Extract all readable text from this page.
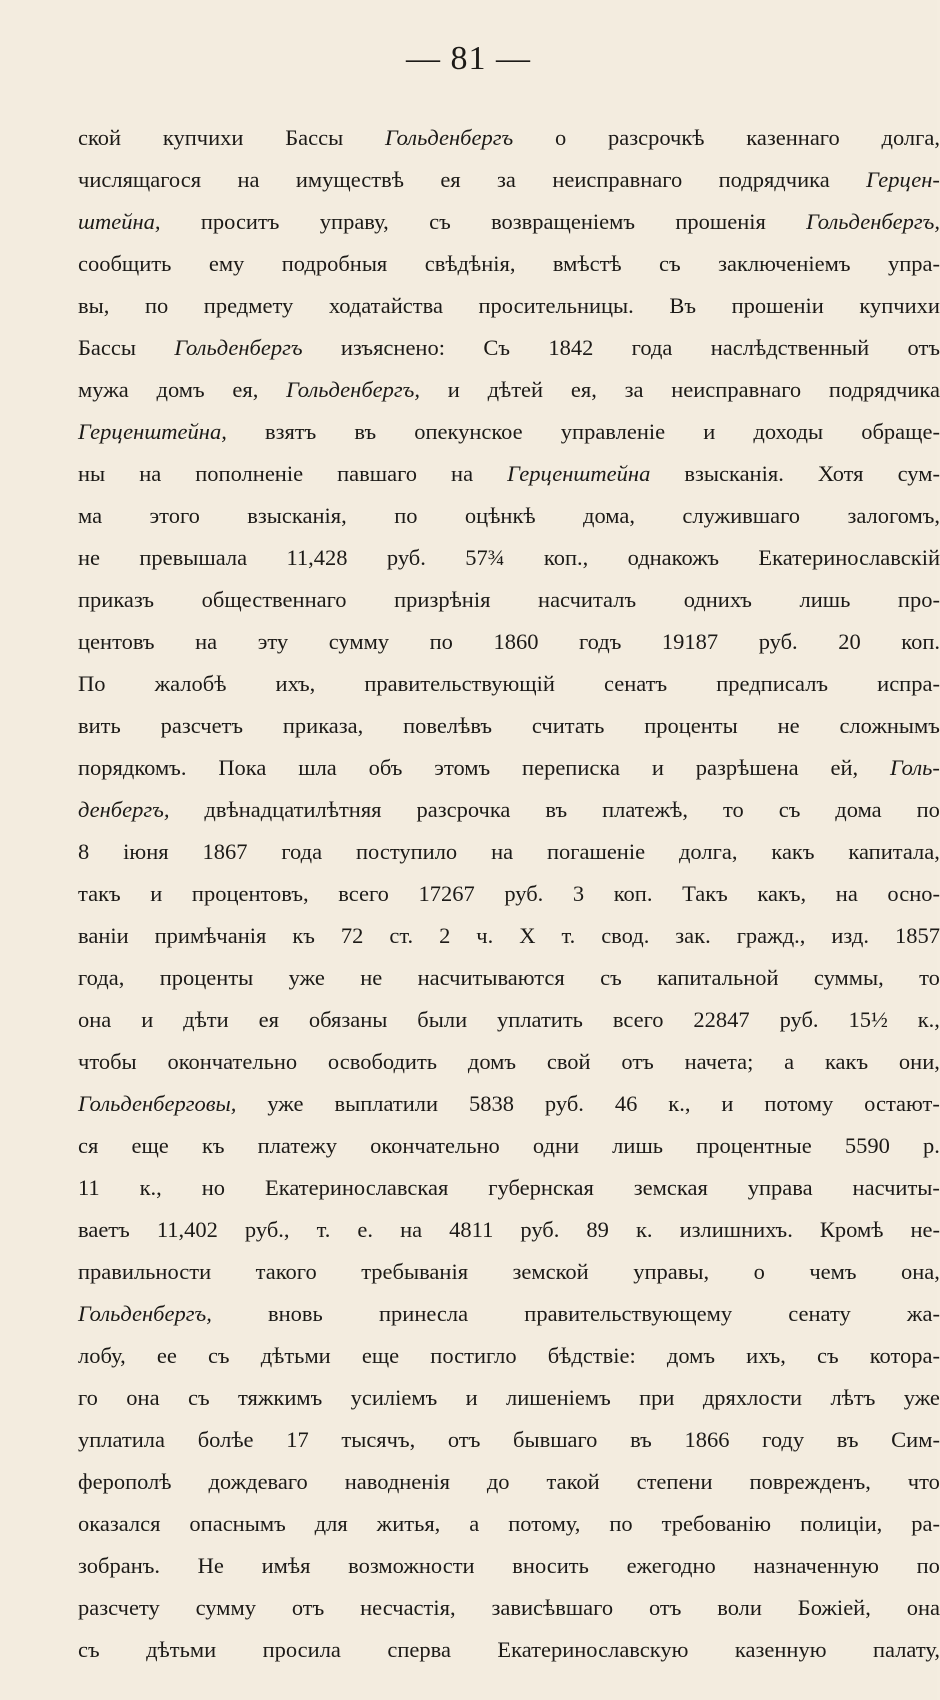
— 81 —
ской купчихи Бассы Гольденбергъ о разсрочкѣ казеннаго долга,
числящагося на имуществѣ ея за неисправнаго подрядчика Герцен-
штейна, проситъ управу, съ возвращеніемъ прошенія Гольденбергъ,
сообщить ему подробныя свѣдѣнія, вмѣстѣ съ заключеніемъ упра-
вы, по предмету ходатайства просительницы. Въ прошеніи купчихи
Бассы Гольденбергъ изъяснено: Съ 1842 года наслѣдственный отъ
мужа домъ ея, Гольденбергъ, и дѣтей ея, за неисправнаго подрядчика
Герценштейна, взятъ въ опекунское управленіе и доходы обраще-
ны на пополненіе павшаго на Герценштейна взысканія. Хотя сум-
ма этого взысканія, по оцѣнкѣ дома, служившаго залогомъ,
не превышала 11,428 руб. 57¾ коп., однакожъ Екатеринославскій
приказъ общественнаго призрѣнія насчиталъ однихъ лишь про-
центовъ на эту сумму по 1860 годъ 19187 руб. 20 коп.
По жалобѣ ихъ, правительствующій сенатъ предписалъ испра-
вить разсчетъ приказа, повелѣвъ считать проценты не сложнымъ
порядкомъ. Пока шла объ этомъ переписка и разрѣшена ей, Голь-
денбергъ, двѣнадцатилѣтняя разсрочка въ платежѣ, то съ дома по
8 іюня 1867 года поступило на погашеніе долга, какъ капитала,
такъ и процентовъ, всего 17267 руб. 3 коп. Такъ какъ, на осно-
ваніи примѣчанія къ 72 ст. 2 ч. X т. свод. зак. гражд., изд. 1857
года, проценты уже не насчитываются съ капитальной суммы, то
она и дѣти ея обязаны были уплатить всего 22847 руб. 15½ к.,
чтобы окончательно освободить домъ свой отъ начета; а какъ они,
Гольденберговы, уже выплатили 5838 руб. 46 к., и потому остают-
ся еще къ платежу окончательно одни лишь процентные 5590 р.
11 к., но Екатеринославская губернская земская управа насчиты-
ваетъ 11,402 руб., т. е. на 4811 руб. 89 к. излишнихъ. Кромѣ не-
правильности такого требыванія земской управы, о чемъ она,
Гольденбергъ, вновь принесла правительствующему сенату жа-
лобу, ее съ дѣтьми еще постигло бѣдствіе: домъ ихъ, съ котора-
го она съ тяжкимъ усиліемъ и лишеніемъ при дряхлости лѣтъ уже
уплатила болѣе 17 тысячъ, отъ бывшаго въ 1866 году въ Сим-
ферополѣ дождеваго наводненія до такой степени поврежденъ, что
оказался опаснымъ для житья, а потому, по требованію полиціи, ра-
зобранъ. Не имѣя возможности вносить ежегодно назначенную по
разсчету сумму отъ несчастія, зависѣвшаго отъ воли Божіей, она
съ дѣтьми просила сперва Екатеринославскую казенную палату,
